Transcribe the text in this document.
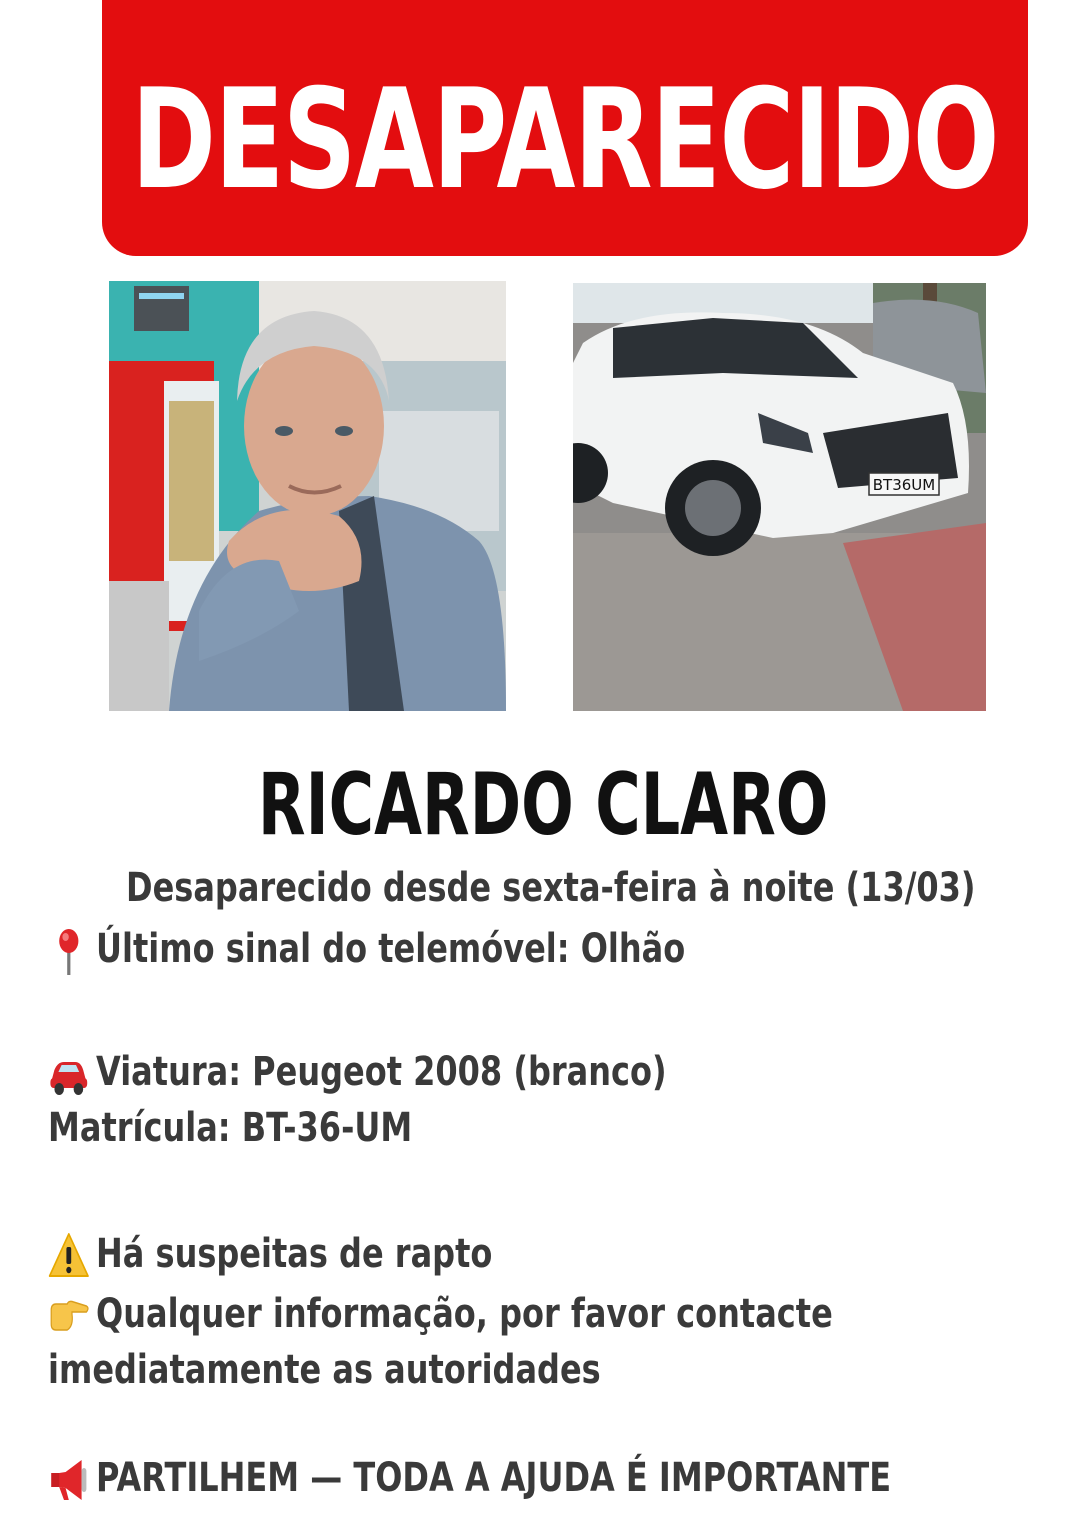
DESAPARECIDO
BT36UM
RICARDO CLARO
Desaparecido desde sexta-feira à noite (13/03)
Último sinal do telemóvel: Olhão
Viatura: Peugeot 2008 (branco)
Matrícula: BT-36-UM
Há suspeitas de rapto
Qualquer informação, por favor contacte
imediatamente as autoridades
PARTILHEM — TODA A AJUDA É IMPORTANTE
